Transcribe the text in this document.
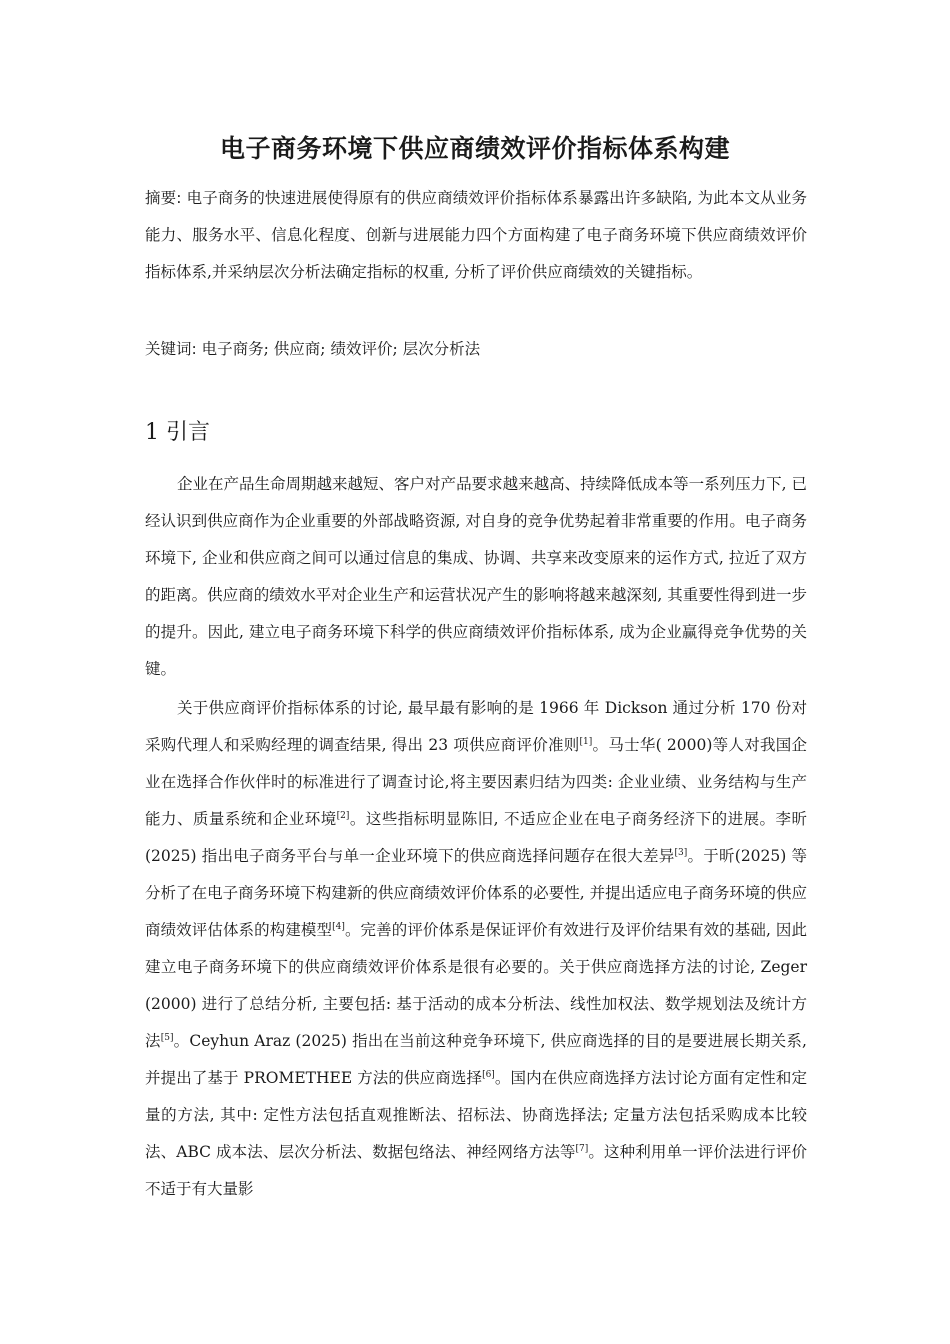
电子商务环境下供应商绩效评价指标体系构建
摘要: 电子商务的快速进展使得原有的供应商绩效评价指标体系暴露出许多缺陷, 为此本文从业务能力、服务水平、信息化程度、创新与进展能力四个方面构建了电子商务环境下供应商绩效评价指标体系,并采纳层次分析法确定指标的权重, 分析了评价供应商绩效的关键指标。
关键词: 电子商务; 供应商; 绩效评价; 层次分析法
1 引言
企业在产品生命周期越来越短、客户对产品要求越来越高、持续降低成本等一系列压力下, 已经认识到供应商作为企业重要的外部战略资源, 对自身的竞争优势起着非常重要的作用。电子商务环境下, 企业和供应商之间可以通过信息的集成、协调、共享来改变原来的运作方式, 拉近了双方的距离。供应商的绩效水平对企业生产和运营状况产生的影响将越来越深刻, 其重要性得到进一步的提升。因此, 建立电子商务环境下科学的供应商绩效评价指标体系, 成为企业赢得竞争优势的关键。
关于供应商评价指标体系的讨论, 最早最有影响的是 1966 年 Dickson 通过分析 170 份对采购代理人和采购经理的调查结果, 得出 23 项供应商评价准则[1]。马士华( 2000)等人对我国企业在选择合作伙伴时的标准进行了调查讨论,将主要因素归结为四类: 企业业绩、业务结构与生产能力、质量系统和企业环境[2]。这些指标明显陈旧, 不适应企业在电子商务经济下的进展。李昕(2025) 指出电子商务平台与单一企业环境下的供应商选择问题存在很大差异[3]。于昕(2025) 等分析了在电子商务环境下构建新的供应商绩效评价体系的必要性, 并提出适应电子商务环境的供应商绩效评估体系的构建模型[4]。完善的评价体系是保证评价有效进行及评价结果有效的基础, 因此建立电子商务环境下的供应商绩效评价体系是很有必要的。关于供应商选择方法的讨论, Zeger (2000) 进行了总结分析, 主要包括: 基于活动的成本分析法、线性加权法、数学规划法及统计方法[5]。Ceyhun Araz (2025) 指出在当前这种竞争环境下, 供应商选择的目的是要进展长期关系, 并提出了基于 PROMETHEE 方法的供应商选择[6]。国内在供应商选择方法讨论方面有定性和定量的方法, 其中: 定性方法包括直观推断法、招标法、协商选择法; 定量方法包括采购成本比较法、ABC 成本法、层次分析法、数据包络法、神经网络方法等[7]。这种利用单一评价法进行评价不适于有大量影
